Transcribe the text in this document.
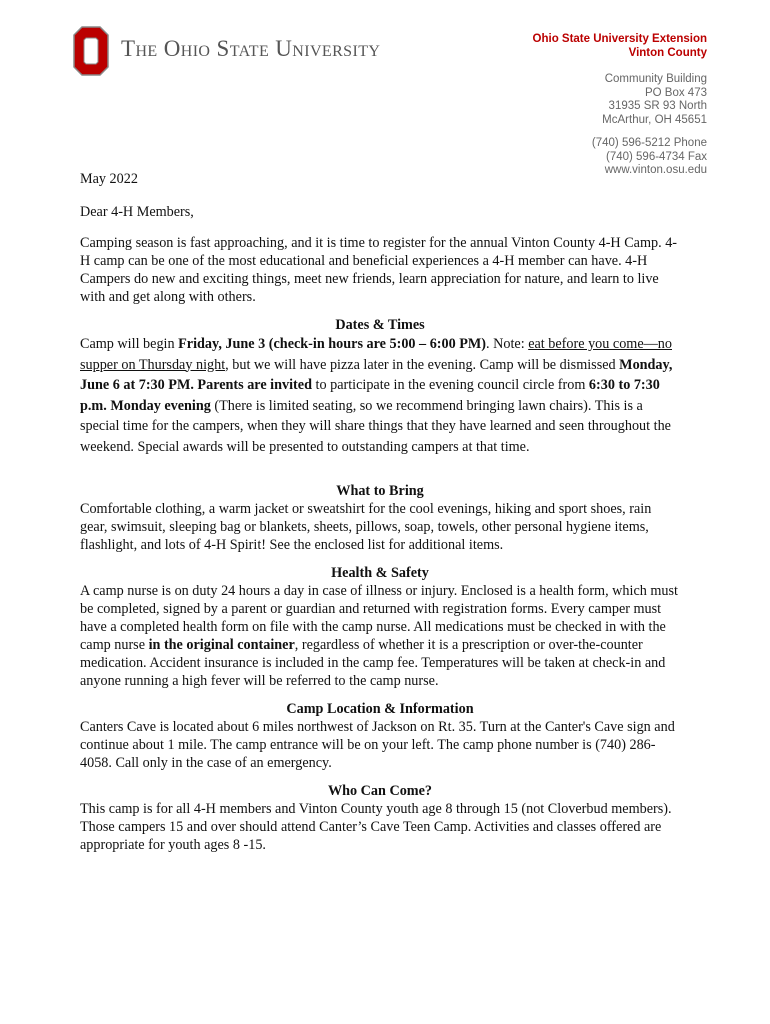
The Ohio State University	Ohio State University Extension
Vinton County
Community Building
PO Box 473
31935 SR 93 North
McArthur, OH 45651
(740) 596-5212 Phone
(740) 596-4734 Fax
www.vinton.osu.edu

May 2022

Dear 4-H Members,

Camping season is fast approaching, and it is time to register for the annual Vinton County 4-H Camp. 4-H camp can be one of the most educational and beneficial experiences a 4-H member can have. 4-H Campers do new and exciting things, meet new friends, learn appreciation for nature, and learn to live with and get along with others.

Dates & Times

Camp will begin Friday, June 3 (check-in hours are 5:00 – 6:00 PM). Note: eat before you come—no supper on Thursday night, but we will have pizza later in the evening. Camp will be dismissed Monday, June 6 at 7:30 PM. Parents are invited to participate in the evening council circle from 6:30 to 7:30 p.m. Monday evening (There is limited seating, so we recommend bringing lawn chairs). This is a special time for the campers, when they will share things that they have learned and seen throughout the weekend. Special awards will be presented to outstanding campers at that time.

What to Bring

Comfortable clothing, a warm jacket or sweatshirt for the cool evenings, hiking and sport shoes, rain gear, swimsuit, sleeping bag or blankets, sheets, pillows, soap, towels, other personal hygiene items, flashlight, and lots of 4-H Spirit! See the enclosed list for additional items.

Health & Safety

A camp nurse is on duty 24 hours a day in case of illness or injury. Enclosed is a health form, which must be completed, signed by a parent or guardian and returned with registration forms. Every camper must have a completed health form on file with the camp nurse. All medications must be checked in with the camp nurse in the original container, regardless of whether it is a prescription or over-the-counter medication. Accident insurance is included in the camp fee. Temperatures will be taken at check-in and anyone running a high fever will be referred to the camp nurse.

Camp Location & Information

Canters Cave is located about 6 miles northwest of Jackson on Rt. 35. Turn at the Canter's Cave sign and continue about 1 mile. The camp entrance will be on your left. The camp phone number is (740) 286-4058. Call only in the case of an emergency.

Who Can Come?

This camp is for all 4-H members and Vinton County youth age 8 through 15 (not Cloverbud members). Those campers 15 and over should attend Canter’s Cave Teen Camp. Activities and classes offered are appropriate for youth ages 8 -15.
